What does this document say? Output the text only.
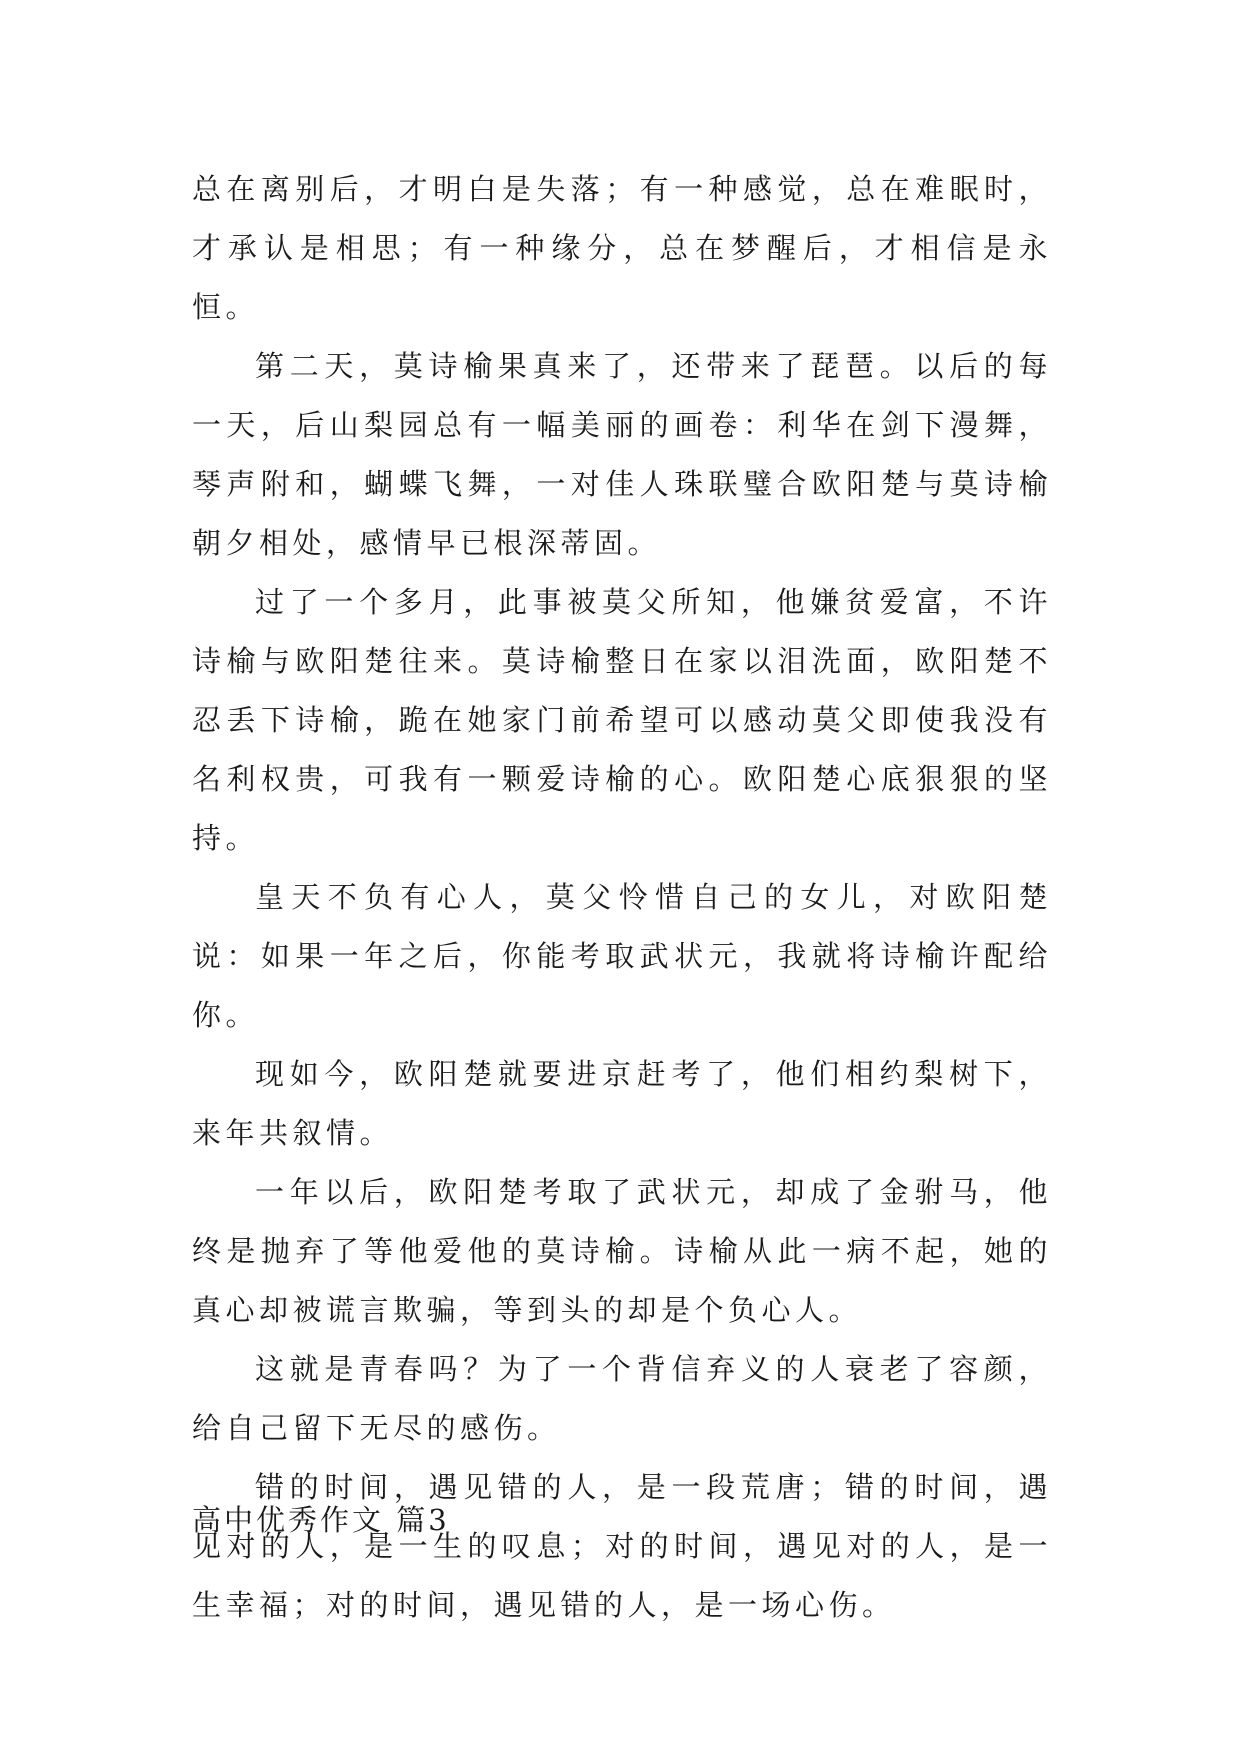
总在离别后，才明白是失落；有一种感觉，总在难眠时，才承认是相思；有一种缘分，总在梦醒后，才相信是永恒。

第二天，莫诗榆果真来了，还带来了琵琶。以后的每一天，后山梨园总有一幅美丽的画卷：利华在剑下漫舞，琴声附和，蝴蝶飞舞，一对佳人珠联璧合欧阳楚与莫诗榆朝夕相处，感情早已根深蒂固。

过了一个多月，此事被莫父所知，他嫌贫爱富，不许诗榆与欧阳楚往来。莫诗榆整日在家以泪洗面，欧阳楚不忍丢下诗榆，跪在她家门前希望可以感动莫父即使我没有名利权贵，可我有一颗爱诗榆的心。欧阳楚心底狠狠的坚持。

皇天不负有心人，莫父怜惜自己的女儿，对欧阳楚说：如果一年之后，你能考取武状元，我就将诗榆许配给你。

现如今，欧阳楚就要进京赶考了，他们相约梨树下，来年共叙情。

一年以后，欧阳楚考取了武状元，却成了金驸马，他终是抛弃了等他爱他的莫诗榆。诗榆从此一病不起，她的真心却被谎言欺骗，等到头的却是个负心人。

这就是青春吗？为了一个背信弃义的人衰老了容颜，给自己留下无尽的感伤。

错的时间，遇见错的人，是一段荒唐；错的时间，遇见对的人，是一生的叹息；对的时间，遇见对的人，是一生幸福；对的时间，遇见错的人，是一场心伤。

高中优秀作文 篇3
